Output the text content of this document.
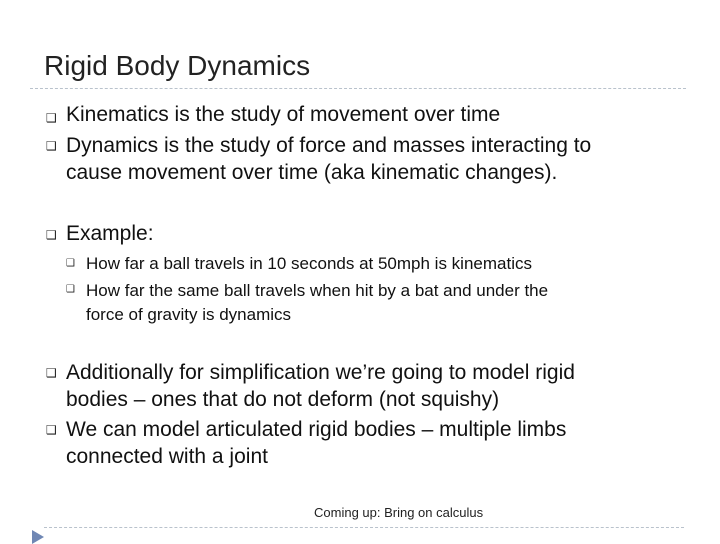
Rigid Body Dynamics
❑ Kinematics is the study of movement over time
❑ Dynamics is the study of force and masses interacting to
cause movement over time (aka kinematic changes).
❑ Example:
❑ How far a ball travels in 10 seconds at 50mph is kinematics
❑ How far the same ball travels when hit by a bat and under the
force of gravity is dynamics
❑ Additionally for simplification we’re going to model rigid
bodies – ones that do not deform (not squishy)
❑ We can model articulated rigid bodies – multiple limbs
connected with a joint
Coming up: Bring on calculus
